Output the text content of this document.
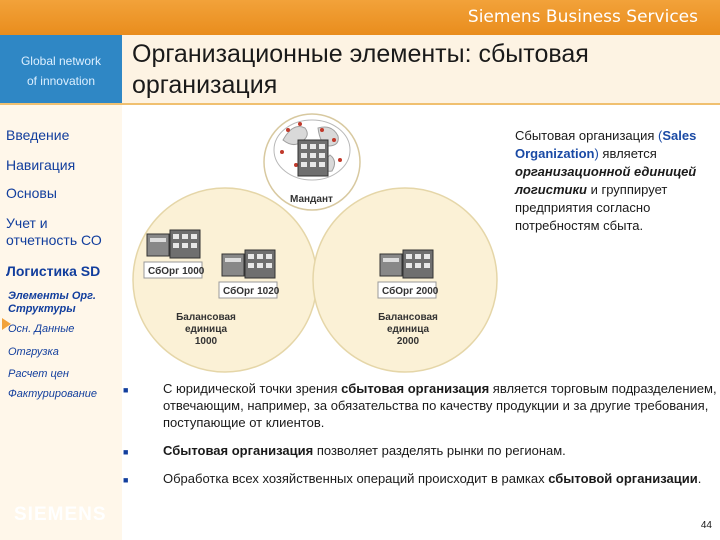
Siemens Business Services
Global network
of innovation
Организационные элементы: сбытовая
организация
Введение
Навигация
Основы
Учет и
отчетность СО
Логистика SD
Элементы Орг.
Структуры
Осн. Данные
Отгрузка
Расчет цен
Фактурирование
SIEMENS
Мандант
СбОрг 1000
СбОрг 1020	СбОрг 2000
Балансовая
единица
1000
Балансовая
единица
2000
Сбытовая организация (Sales Organization) является организационной единицей логистики и группирует предприятия согласно потребностям сбыта.
■	С юридической точки зрения сбытовая организация является торговым подразделением, отвечающим, например, за обязательства по качеству продукции и за другие требования, поступающие от клиентов.
■	Сбытовая организация позволяет разделять рынки по регионам.
■	Обработка всех хозяйственных операций происходит в рамках сбытовой организации.
44
